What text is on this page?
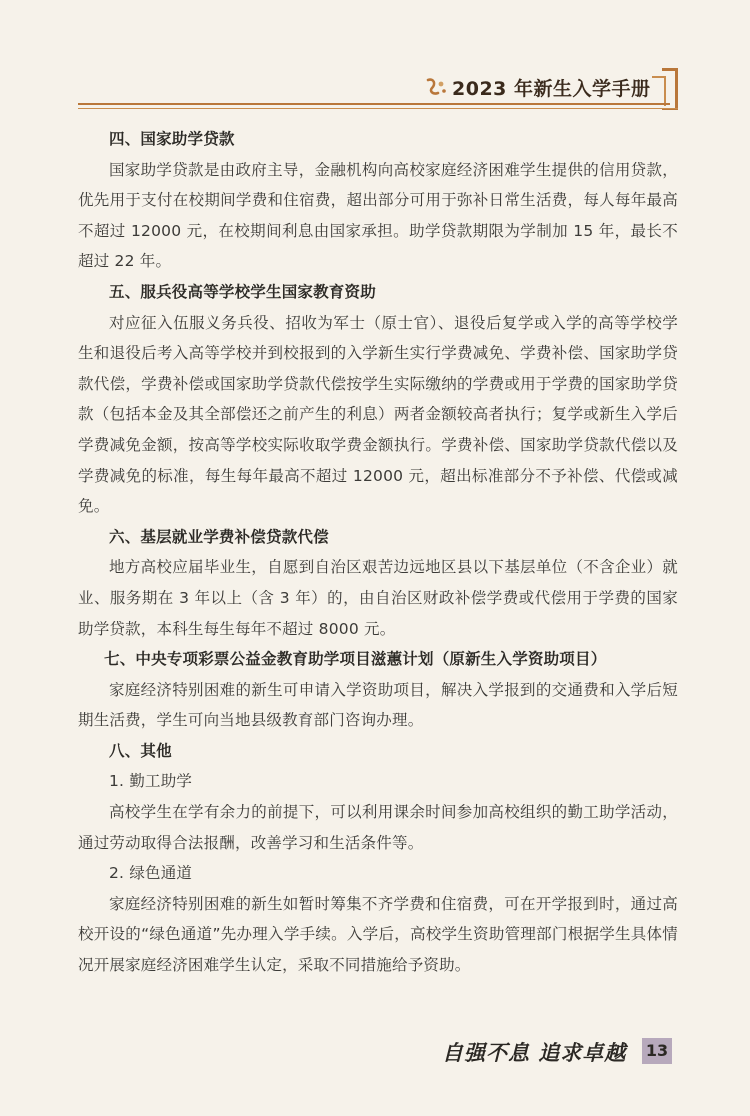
2023 年新生入学手册

四、国家助学贷款

国家助学贷款是由政府主导，金融机构向高校家庭经济困难学生提供的信用贷款，优先用于支付在校期间学费和住宿费，超出部分可用于弥补日常生活费，每人每年最高不超过 12000 元，在校期间利息由国家承担。助学贷款期限为学制加 15 年，最长不超过 22 年。

五、服兵役高等学校学生国家教育资助

对应征入伍服义务兵役、招收为军士（原士官）、退役后复学或入学的高等学校学生和退役后考入高等学校并到校报到的入学新生实行学费减免、学费补偿、国家助学贷款代偿，学费补偿或国家助学贷款代偿按学生实际缴纳的学费或用于学费的国家助学贷款（包括本金及其全部偿还之前产生的利息）两者金额较高者执行；复学或新生入学后学费减免金额，按高等学校实际收取学费金额执行。学费补偿、国家助学贷款代偿以及学费减免的标准，每生每年最高不超过 12000 元，超出标准部分不予补偿、代偿或减免。

六、基层就业学费补偿贷款代偿

地方高校应届毕业生，自愿到自治区艰苦边远地区县以下基层单位（不含企业）就业、服务期在 3 年以上（含 3 年）的，由自治区财政补偿学费或代偿用于学费的国家助学贷款，本科生每生每年不超过 8000 元。

七、中央专项彩票公益金教育助学项目滋蕙计划（原新生入学资助项目）

家庭经济特别困难的新生可申请入学资助项目，解决入学报到的交通费和入学后短期生活费，学生可向当地县级教育部门咨询办理。

八、其他

1. 勤工助学

高校学生在学有余力的前提下，可以利用课余时间参加高校组织的勤工助学活动，通过劳动取得合法报酬，改善学习和生活条件等。

2. 绿色通道

家庭经济特别困难的新生如暂时筹集不齐学费和住宿费，可在开学报到时，通过高校开设的“绿色通道”先办理入学手续。入学后，高校学生资助管理部门根据学生具体情况开展家庭经济困难学生认定，采取不同措施给予资助。

自强不息 追求卓越	13
